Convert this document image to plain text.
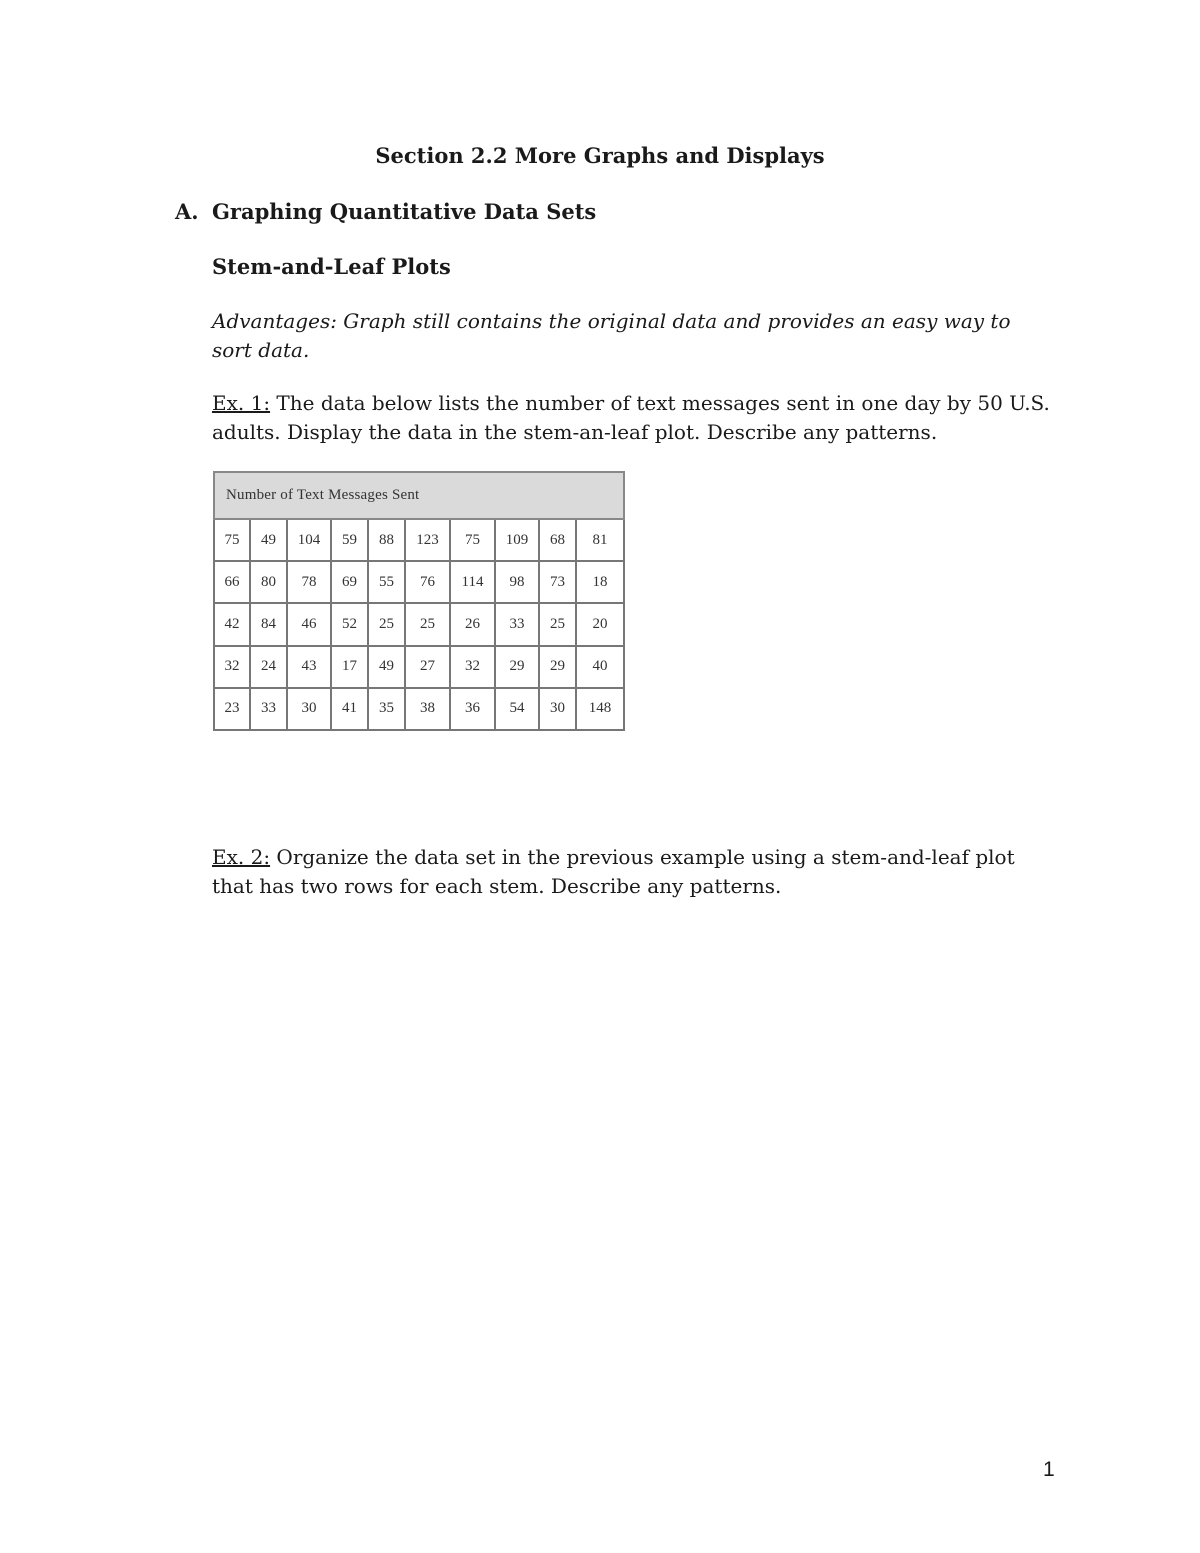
Section 2.2 More Graphs and Displays
A. Graphing Quantitative Data Sets
Stem-and-Leaf Plots
Advantages: Graph still contains the original data and provides an easy way to sort data.
Ex. 1: The data below lists the number of text messages sent in one day by 50 U.S. adults. Display the data in the stem-an-leaf plot. Describe any patterns.
Number of Text Messages Sent									
75	49	104	59	88	123	75	109	68	81
66	80	78	69	55	76	114	98	73	18
42	84	46	52	25	25	26	33	25	20
32	24	43	17	49	27	32	29	29	40
23	33	30	41	35	38	36	54	30	148
Ex. 2: Organize the data set in the previous example using a stem-and-leaf plot that has two rows for each stem. Describe any patterns.
1
